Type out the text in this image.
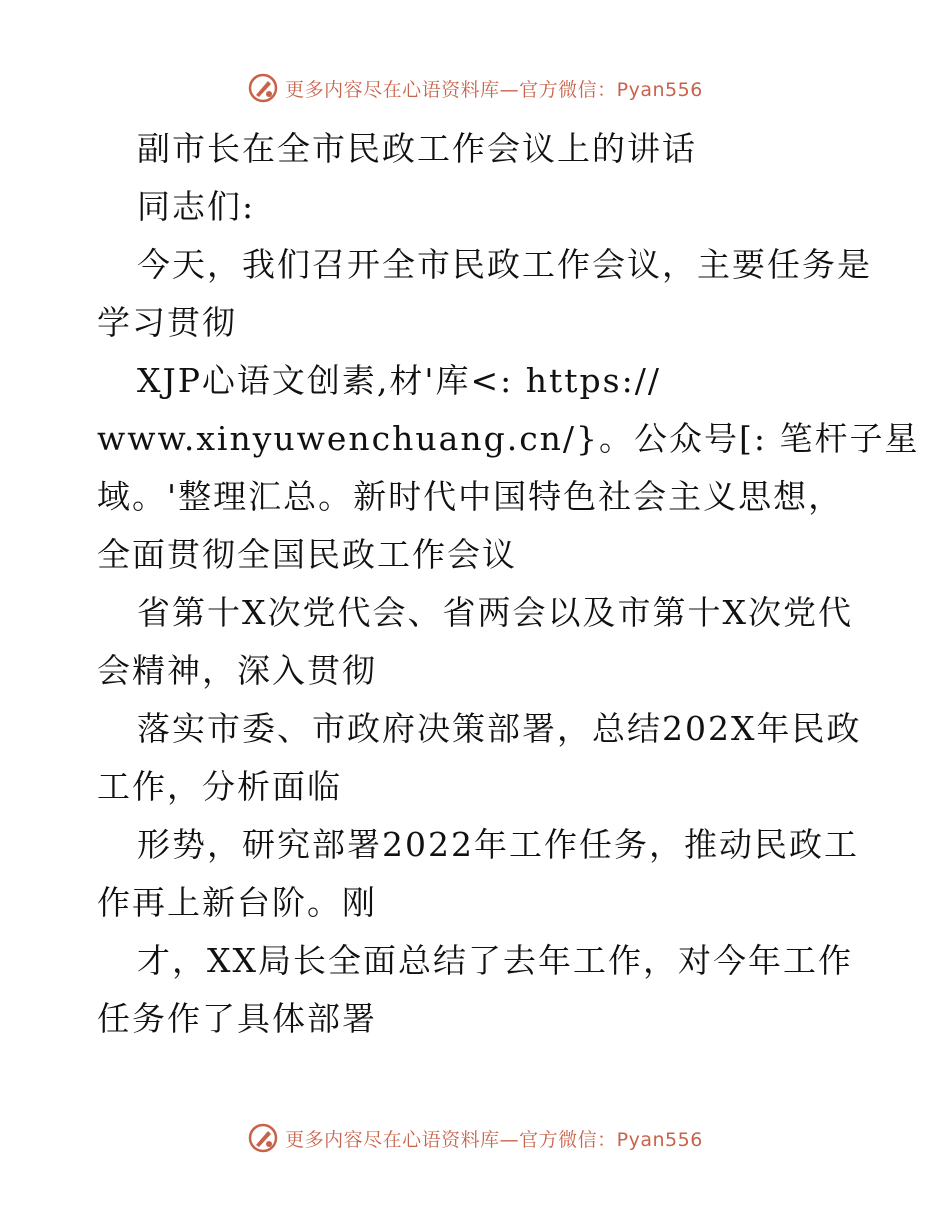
更多内容尽在心语资料库—官方微信：Pyan556
副市长在全市民政工作会议上的讲话
同志们:
今天，我们召开全市民政工作会议，主要任务是
学习贯彻
XJP心语文创素,材'库<: https://
www.xinyuwenchuang.cn/}。公众号[: 笔杆子星
域。'整理汇总。新时代中国特色社会主义思想，
全面贯彻全国民政工作会议
省第十X次党代会、省两会以及市第十X次党代
会精神，深入贯彻
落实市委、市政府决策部署，总结202X年民政
工作，分析面临
形势，研究部署2022年工作任务，推动民政工
作再上新台阶。刚
才，XX局长全面总结了去年工作，对今年工作
任务作了具体部署
更多内容尽在心语资料库—官方微信：Pyan556
